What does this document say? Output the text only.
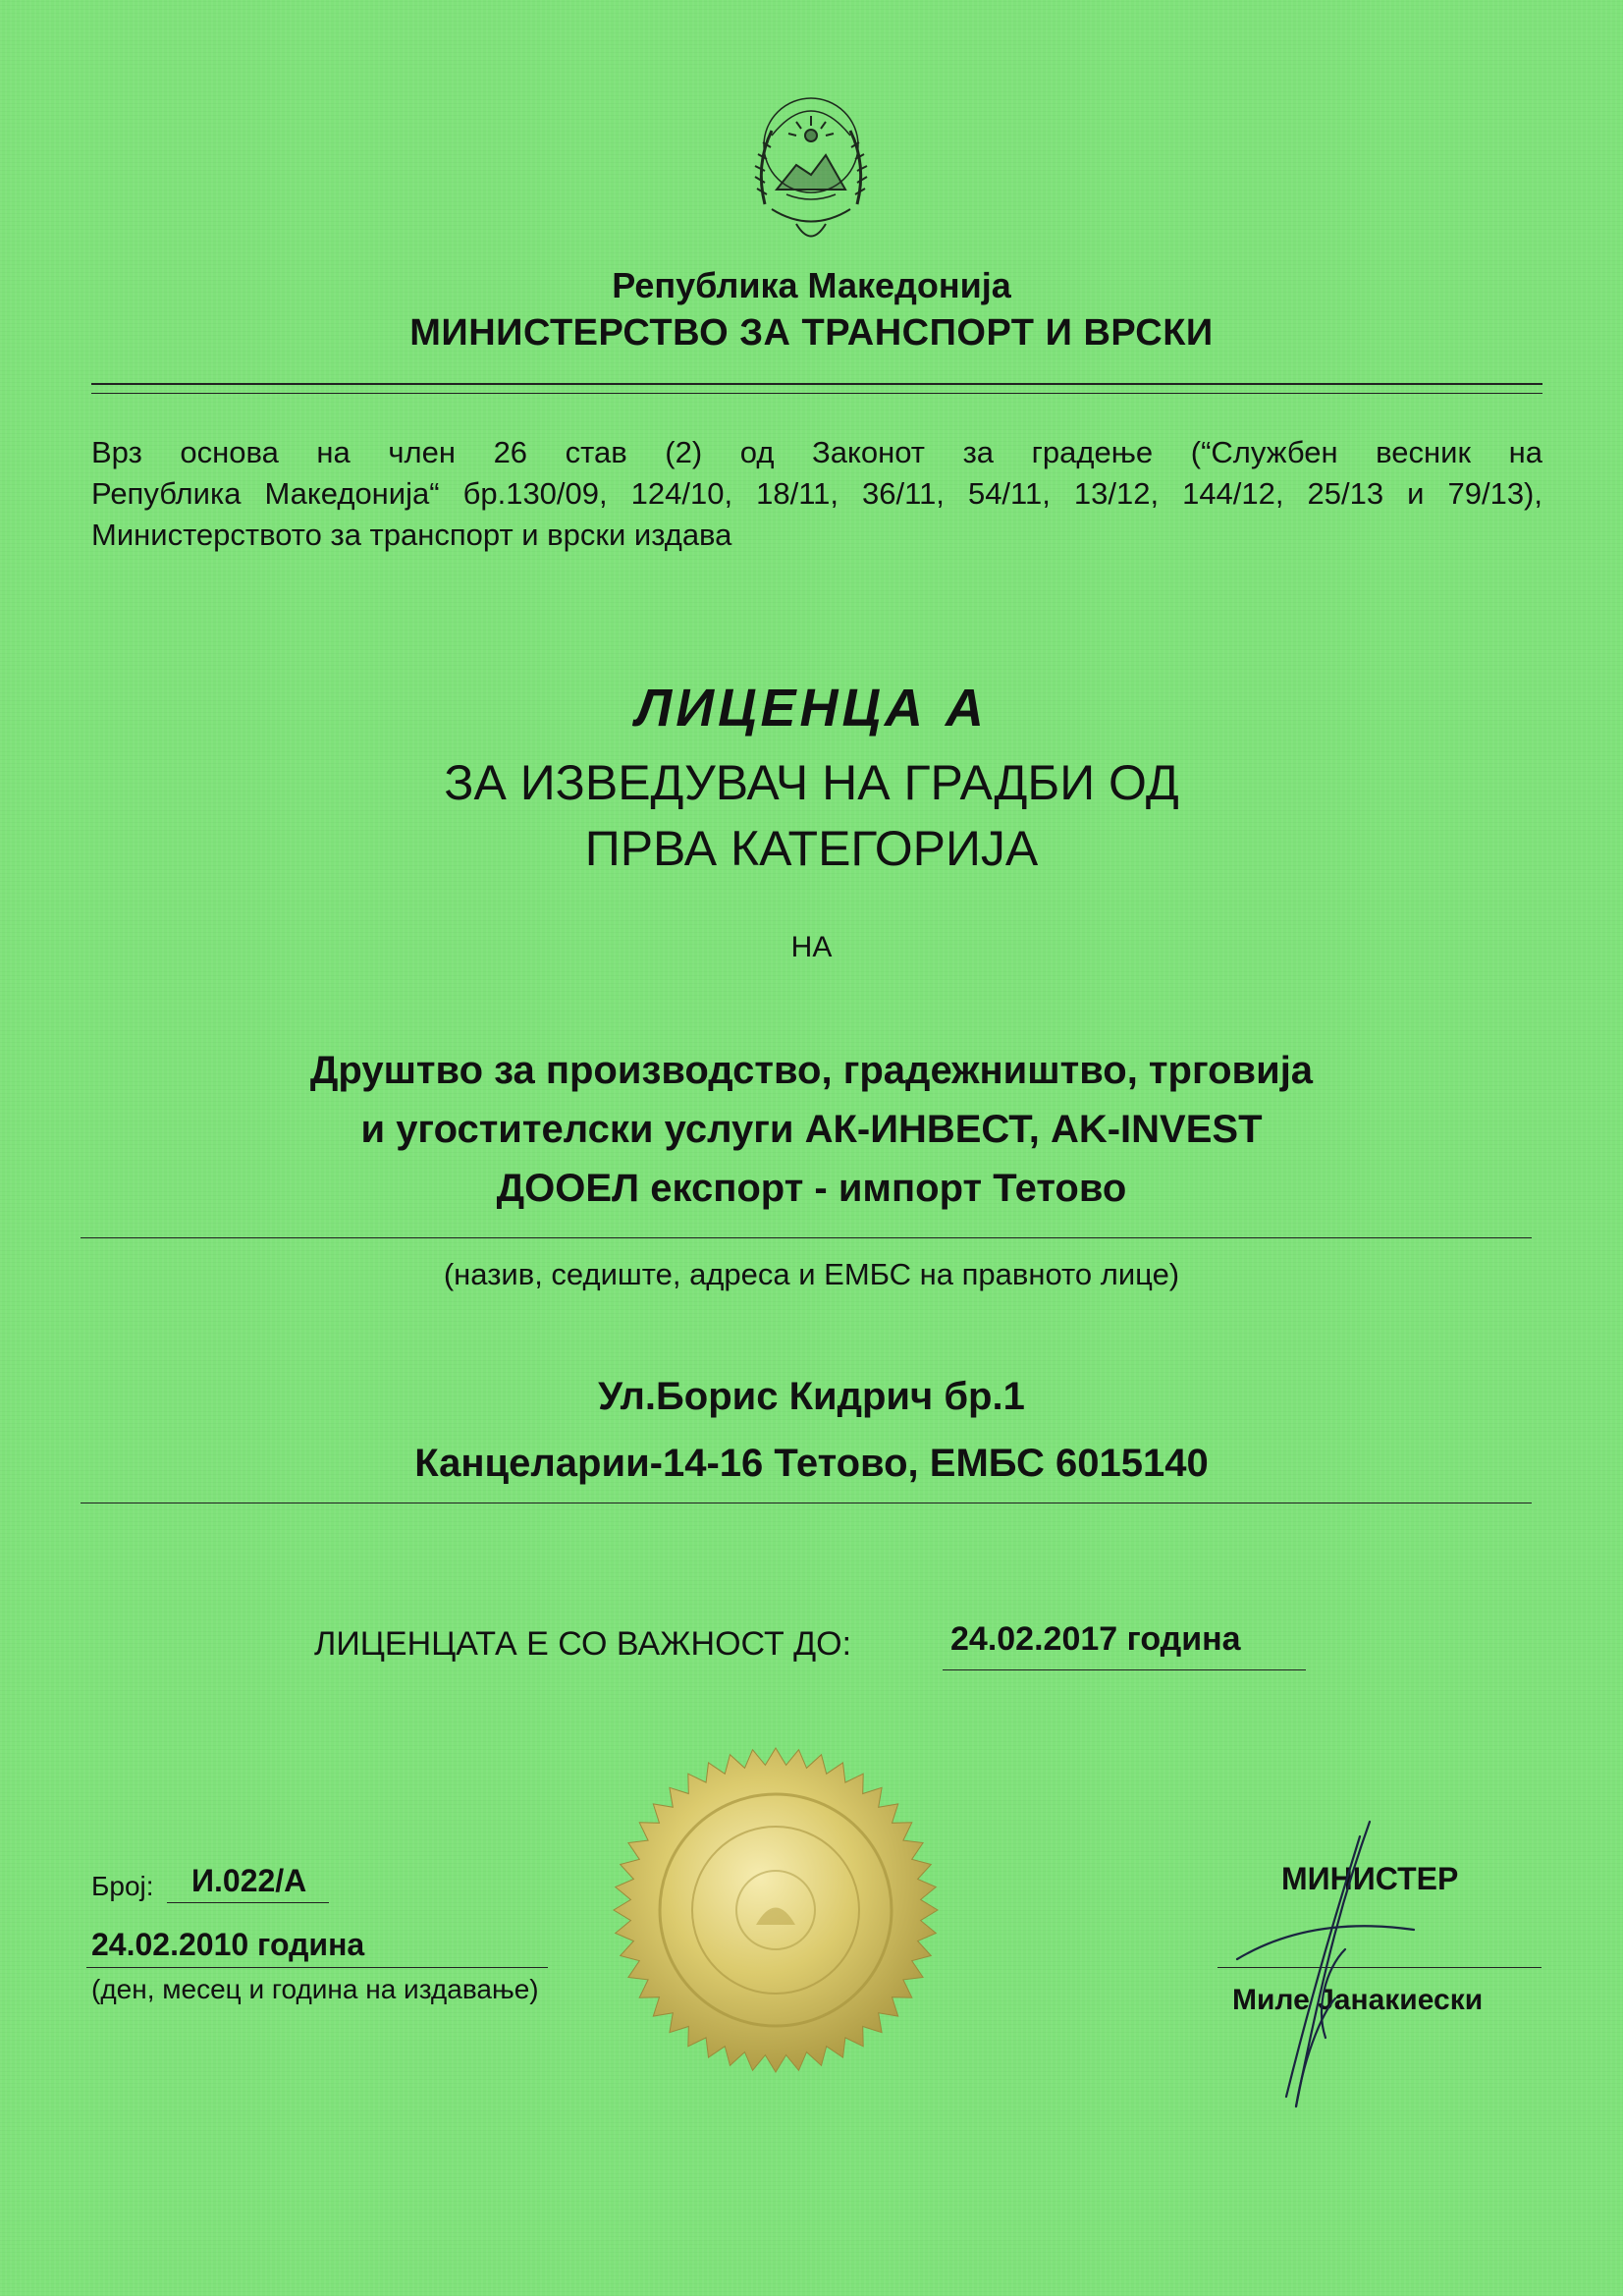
Република Македонија
МИНИСТЕРСТВО ЗА ТРАНСПОРТ И ВРСКИ
Врз основа на член 26 став (2) од Законот за градење (“Службен весник на
Република Македонија“ бр.130/09, 124/10, 18/11, 36/11, 54/11, 13/12, 144/12, 25/13 и 79/13),
Министерството за транспорт и врски издава
ЛИЦЕНЦА А
ЗА ИЗВЕДУВАЧ НА ГРАДБИ ОД
ПРВА КАТЕГОРИЈА
НА
Друштво за производство, градежништво, трговија
и угостителски услуги АК-ИНВЕСТ, AK-INVEST
ДООЕЛ експорт - импорт Тетово
(назив, седиште, адреса и ЕМБС на правното лице)
Ул.Борис Кидрич бр.1
Канцеларии-14-16 Тетово, ЕМБС 6015140
ЛИЦЕНЦАТА Е СО ВАЖНОСТ ДО:	24.02.2017 година
Број: И.022/А
24.02.2010 година
(ден, месец и година на издавање)
МИНИСТЕР
Миле Јанакиески
